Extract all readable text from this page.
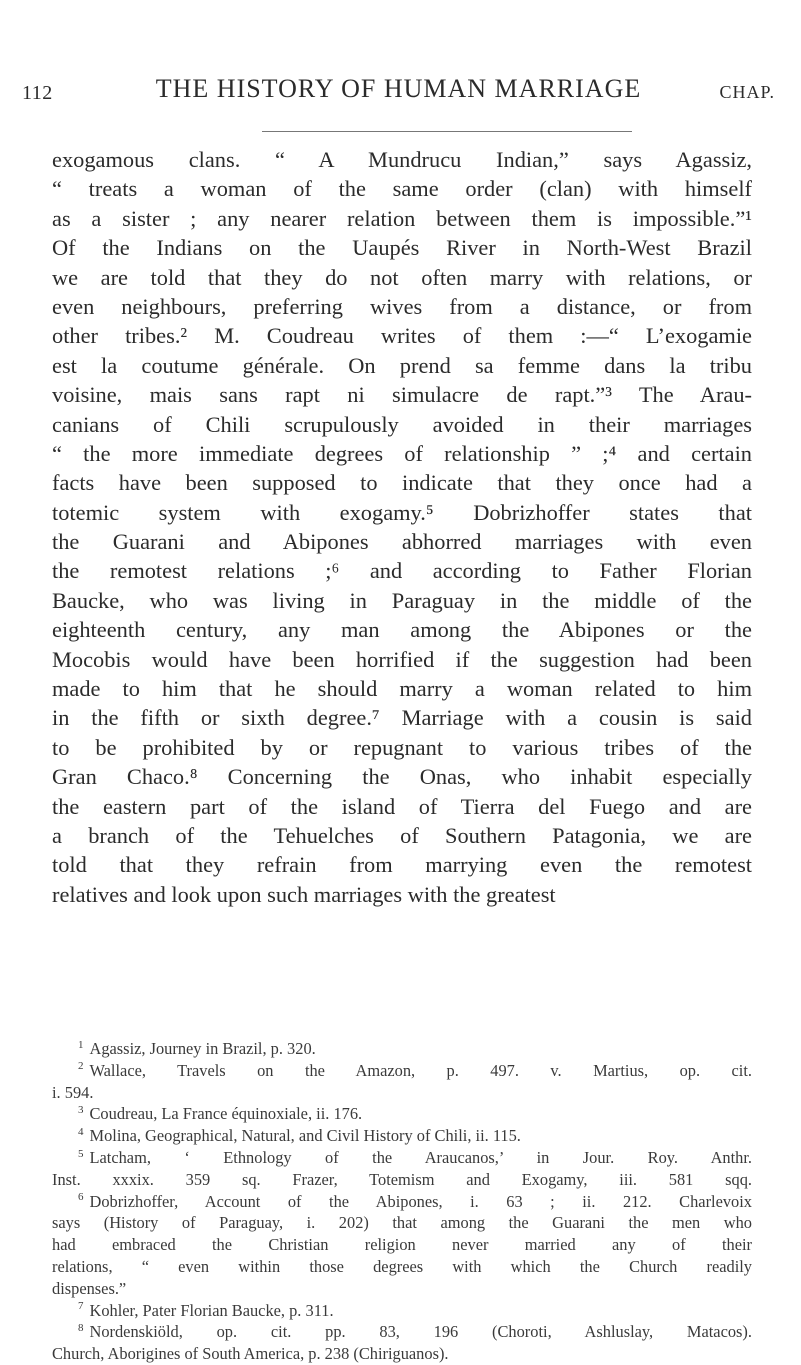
112	THE HISTORY OF HUMAN MARRIAGE	CHAP.
exogamous clans. “ A Mundrucu Indian,” says Agassiz,
“ treats a woman of the same order (clan) with himself
as a sister ; any nearer relation between them is impossible.”¹
Of the Indians on the Uaupés River in North-West Brazil
we are told that they do not often marry with relations, or
even neighbours, preferring wives from a distance, or from
other tribes.² M. Coudreau writes of them :—“ L’exogamie
est la coutume générale. On prend sa femme dans la tribu
voisine, mais sans rapt ni simulacre de rapt.”³ The Arau-
canians of Chili scrupulously avoided in their marriages
“ the more immediate degrees of relationship ” ;⁴ and certain
facts have been supposed to indicate that they once had a
totemic system with exogamy.⁵ Dobrizhoffer states that
the Guarani and Abipones abhorred marriages with even
the remotest relations ;⁶ and according to Father Florian
Baucke, who was living in Paraguay in the middle of the
eighteenth century, any man among the Abipones or the
Mocobis would have been horrified if the suggestion had been
made to him that he should marry a woman related to him
in the fifth or sixth degree.⁷ Marriage with a cousin is said
to be prohibited by or repugnant to various tribes of the
Gran Chaco.⁸ Concerning the Onas, who inhabit especially
the eastern part of the island of Tierra del Fuego and are
a branch of the Tehuelches of Southern Patagonia, we are
told that they refrain from marrying even the remotest
relatives and look upon such marriages with the greatest
$^1$ Agassiz, Journey in Brazil, p. 320.
$^2$ Wallace, Travels on the Amazon, p. 497. v. Martius, op. cit.
i. 594.
$^3$ Coudreau, La France équinoxiale, ii. 176.
$^4$ Molina, Geographical, Natural, and Civil History of Chili, ii. 115.
$^5$ Latcham, ‘ Ethnology of the Araucanos,’ in Jour. Roy. Anthr.
Inst. xxxix. 359 sq. Frazer, Totemism and Exogamy, iii. 581 sqq.
$^6$ Dobrizhoffer, Account of the Abipones, i. 63 ; ii. 212. Charlevoix
says (History of Paraguay, i. 202) that among the Guarani the men who
had embraced the Christian religion never married any of their
relations, “ even within those degrees with which the Church readily
dispenses.”
$^7$ Kohler, Pater Florian Baucke, p. 311.
$^8$ Nordenskiöld, op. cit. pp. 83, 196 (Choroti, Ashluslay, Matacos).
Church, Aborigines of South America, p. 238 (Chiriguanos).
